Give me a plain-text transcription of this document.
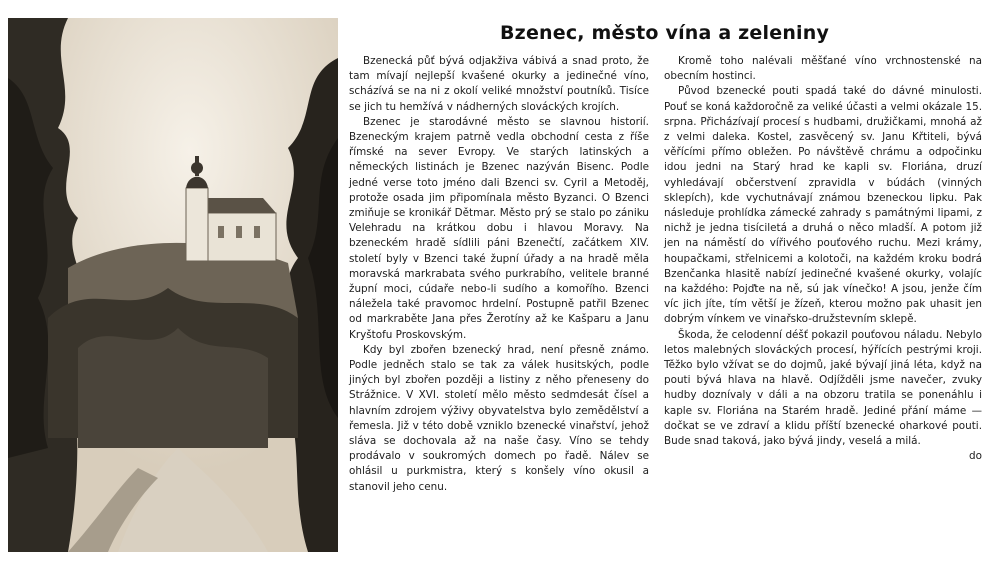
Bzenec, město vína a zeleniny

Bzenecká půť bývá odjakživa vábivá a snad proto, že tam mívají nejlepší kvašené okurky a jedinečné víno, scházívá se na ni z okolí veliké množství poutníků. Tisíce se jich tu hemžívá v nádherných slováckých krojích.

Bzenec je starodávné město se slavnou historií. Bzeneckým krajem patrně vedla obchodní cesta z říše římské na sever Evropy. Ve starých latinských a německých listinách je Bzenec nazýván Bisenc. Podle jedné verse toto jméno dali Bzenci sv. Cyril a Metoděj, protože osada jim připomínala město Byzanci. O Bzenci zmiňuje se kronikář Dětmar. Město prý se stalo po zániku Velehradu na krátkou dobu i hlavou Moravy. Na bzeneckém hradě sídlili páni Bzenečtí, začátkem XIV. století byly v Bzenci také župní úřady a na hradě měla moravská markrabata svého purkrabího, velitele branné župní moci, cúdaře nebo-li sudího a komořího. Bzenci náležela také pravomoc hrdelní. Postupně patřil Bzenec od markraběte Jana přes Žerotíny až ke Kašparu a Janu Kryštofu Proskovským.

Kdy byl zbořen bzenecký hrad, není přesně známo. Podle jedněch stalo se tak za válek husitských, podle jiných byl zbořen později a listiny z něho přeneseny do Strážnice. V XVI. století mělo město sedmdesát čísel a hlavním zdrojem výživy obyvatelstva bylo zemědělství a řemesla. Již v této době vzniklo bzenecké vinařství, jehož sláva se dochovala až na naše časy. Víno se tehdy prodávalo v soukromých domech po řadě. Nálev se ohlásil u purkmistra, který s konšely víno okusil a stanovil jeho cenu.

Kromě toho nalévali měšťané víno vrchnostenské na obecním hostinci.

Původ bzenecké pouti spadá také do dávné minulosti. Pouť se koná každoročně za veliké účasti a velmi okázale 15. srpna. Přicházívají procesí s hudbami, družičkami, mnohá až z velmi daleka. Kostel, zasvěcený sv. Janu Křtiteli, bývá věřícími přímo obležen. Po návštěvě chrámu a odpočinku idou jedni na Starý hrad ke kapli sv. Floriána, druzí vyhledávají občerstvení zpravidla v búdách (vinných sklepích), kde vychutnávají známou bzeneckou lipku. Pak následuje prohlídka zámecké zahrady s památnými lipami, z nichž je jedna tisíciletá a druhá o něco mladší. A potom již jen na náměstí do vířivého pouťového ruchu. Mezi krámy, houpačkami, střelnicemi a kolotoči, na každém kroku bodrá Bzenčanka hlasitě nabízí jedinečné kvašené okurky, volajíc na každého: Pojďte na ně, sú jak vínečko! A jsou, jenže čím víc jich jíte, tím větší je žízeň, kterou možno pak uhasit jen dobrým vínkem ve vinařsko-družstevním sklepě.

Škoda, že celodenní déšť pokazil pouťovou náladu. Nebylo letos malebných slováckých procesí, hýřících pestrými kroji. Těžko bylo vžívat se do dojmů, jaké bývají jiná léta, když na pouti bývá hlava na hlavě. Odjížděli jsme navečer, zvuky hudby doznívaly v dáli a na obzoru tratila se ponenáhlu i kaple sv. Floriána na Starém hradě. Jediné přání máme — dočkat se ve zdraví a klidu příští bzenecké oharkové pouti. Bude snad taková, jako bývá jindy, veselá a milá.

do
